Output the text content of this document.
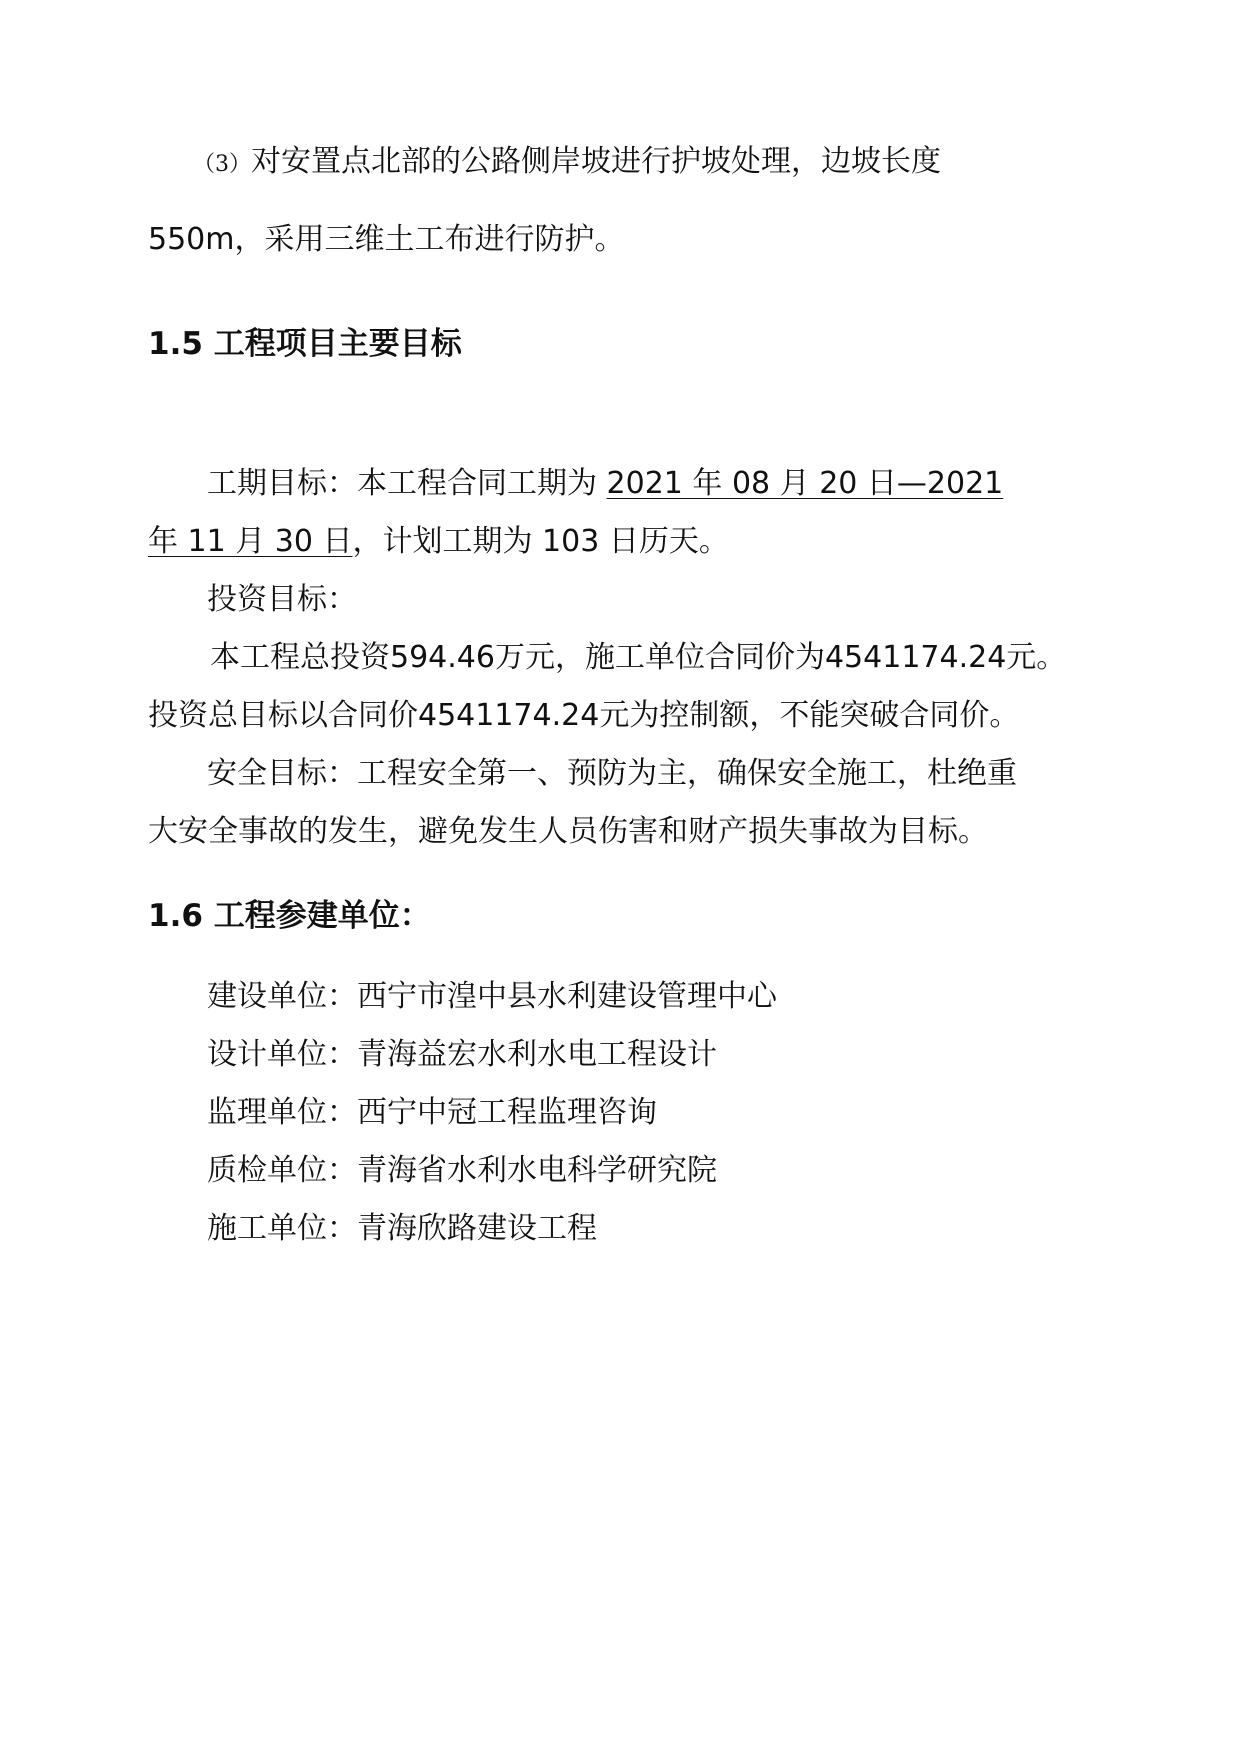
（3）对安置点北部的公路侧岸坡进行护坡处理，边坡长度
550m，采用三维土工布进行防护。
1.5 工程项目主要目标
工期目标：本工程合同工期为 2021 年 08 月 20 日—2021
年 11 月 30 日，计划工期为 103 日历天。
投资目标：
本工程总投资594.46万元，施工单位合同价为4541174.24元。
投资总目标以合同价4541174.24元为控制额，不能突破合同价。
安全目标：工程安全第一、预防为主，确保安全施工，杜绝重
大安全事故的发生，避免发生人员伤害和财产损失事故为目标。
1.6 工程参建单位：
建设单位：西宁市湟中县水利建设管理中心
设计单位：青海益宏水利水电工程设计
监理单位：西宁中冠工程监理咨询
质检单位：青海省水利水电科学研究院
施工单位：青海欣路建设工程
